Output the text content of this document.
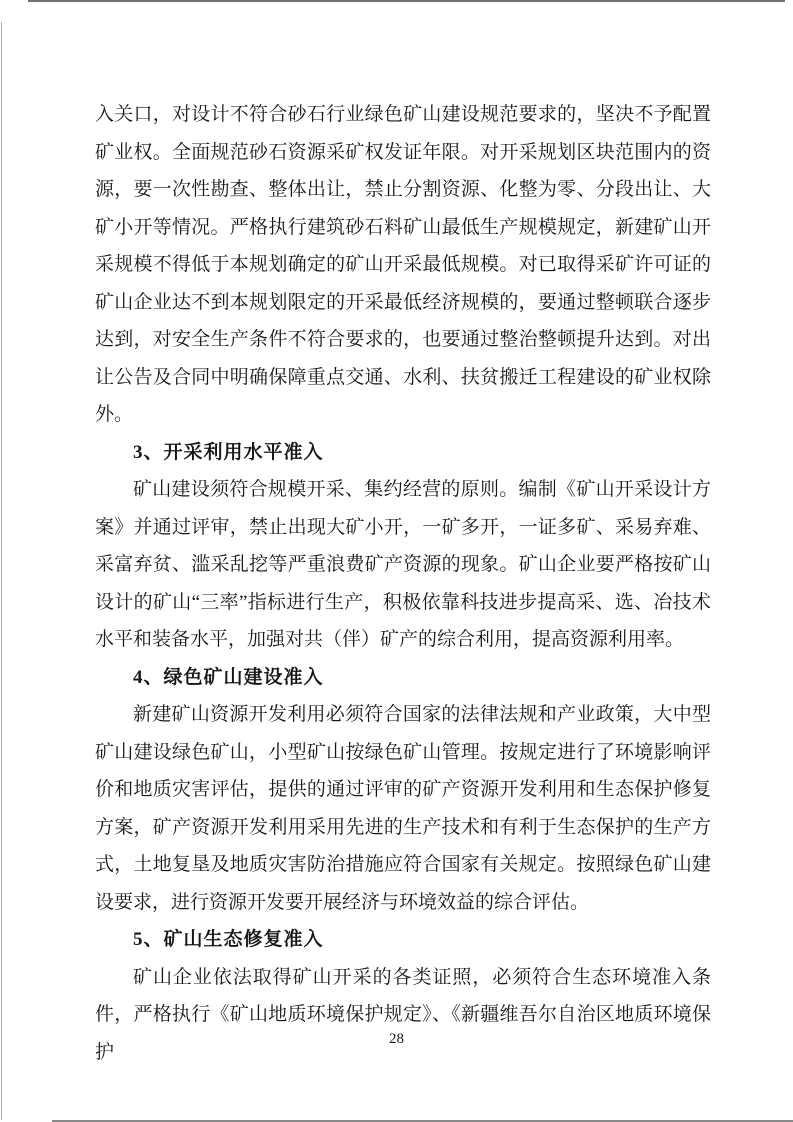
入关口，对设计不符合砂石行业绿色矿山建设规范要求的，坚决不予配置矿业权。全面规范砂石资源采矿权发证年限。对开采规划区块范围内的资源，要一次性勘查、整体出让，禁止分割资源、化整为零、分段出让、大矿小开等情况。严格执行建筑砂石料矿山最低生产规模规定，新建矿山开采规模不得低于本规划确定的矿山开采最低规模。对已取得采矿许可证的矿山企业达不到本规划限定的开采最低经济规模的，要通过整顿联合逐步达到，对安全生产条件不符合要求的，也要通过整治整顿提升达到。对出让公告及合同中明确保障重点交通、水利、扶贫搬迁工程建设的矿业权除外。

3、开采利用水平准入

矿山建设须符合规模开采、集约经营的原则。编制《矿山开采设计方案》并通过评审，禁止出现大矿小开，一矿多开，一证多矿、采易弃难、采富弃贫、滥采乱挖等严重浪费矿产资源的现象。矿山企业要严格按矿山设计的矿山“三率”指标进行生产，积极依靠科技进步提高采、选、冶技术水平和装备水平，加强对共（伴）矿产的综合利用，提高资源利用率。

4、绿色矿山建设准入

新建矿山资源开发利用必须符合国家的法律法规和产业政策，大中型矿山建设绿色矿山，小型矿山按绿色矿山管理。按规定进行了环境影响评价和地质灾害评估，提供的通过评审的矿产资源开发利用和生态保护修复方案，矿产资源开发利用采用先进的生产技术和有利于生态保护的生产方式，土地复垦及地质灾害防治措施应符合国家有关规定。按照绿色矿山建设要求，进行资源开发要开展经济与环境效益的综合评估。

5、矿山生态修复准入

矿山企业依法取得矿山开采的各类证照，必须符合生态环境准入条件，严格执行《矿山地质环境保护规定》、《新疆维吾尔自治区地质环境保护

28
